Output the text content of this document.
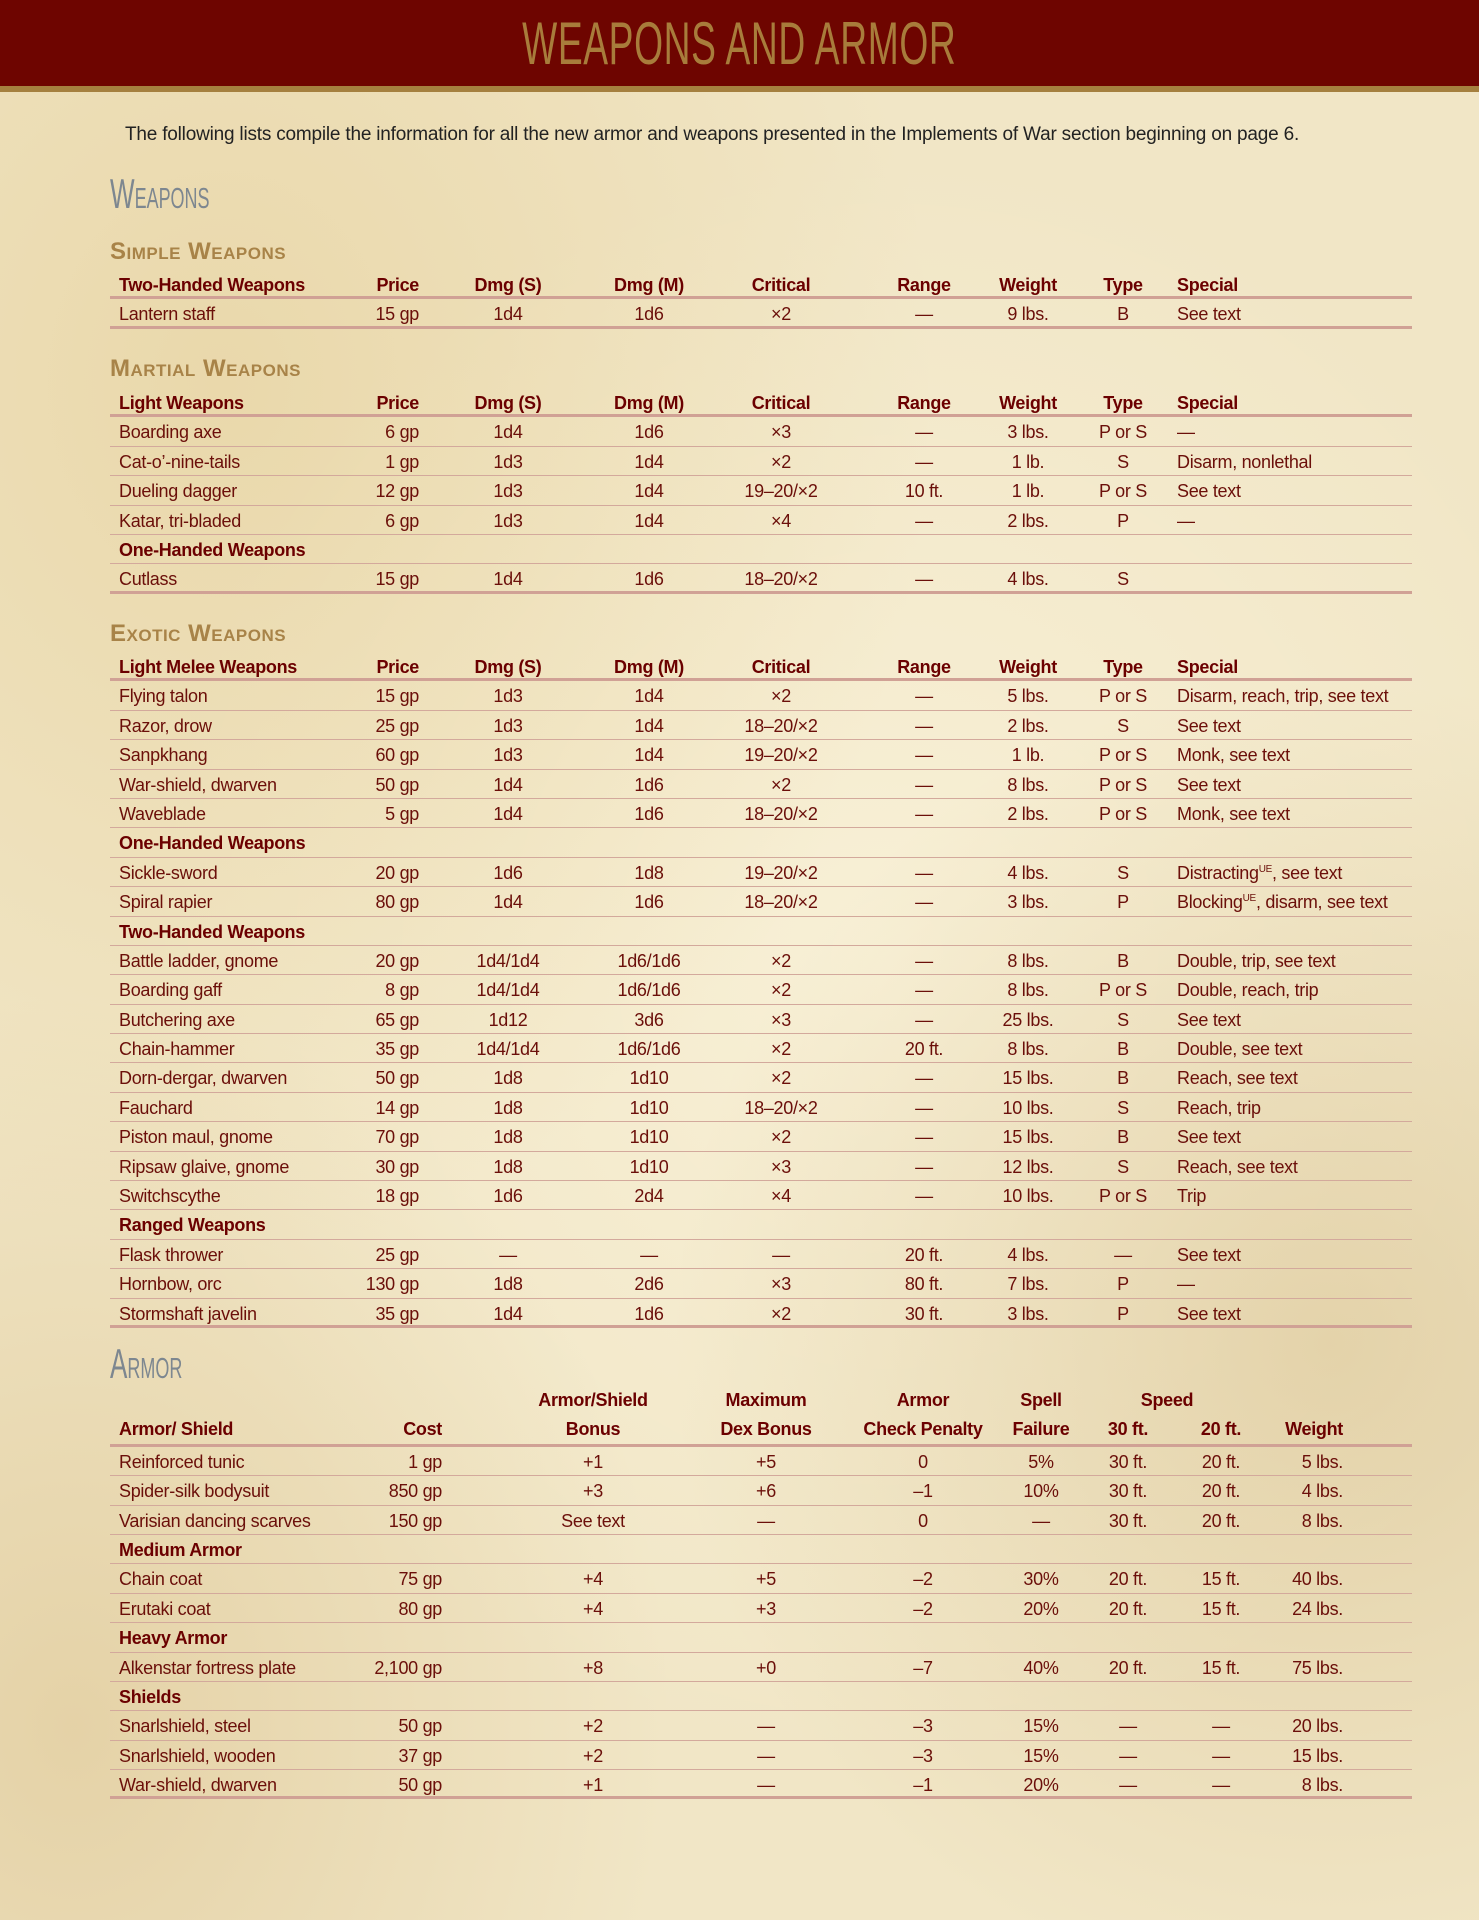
WEAPONS AND ARMOR

The following lists compile the information for all the new armor and weapons presented in the Implements of War section beginning on page 6.

Weapons
Simple Weapons
Two-Handed Weapons	Price	Dmg (S)	Dmg (M)	Critical	Range	Weight	Type	Special
Lantern staff	15 gp	1d4	1d6	×2	—	9 lbs.	B	See text
Martial Weapons
Light Weapons	Price	Dmg (S)	Dmg (M)	Critical	Range	Weight	Type	Special
Boarding axe	6 gp	1d4	1d6	×3	—	3 lbs.	P or S	—
Cat-o’-nine-tails	1 gp	1d3	1d4	×2	—	1 lb.	S	Disarm, nonlethal
Dueling dagger	12 gp	1d3	1d4	19–20/×2	10 ft.	1 lb.	P or S	See text
Katar, tri-bladed	6 gp	1d3	1d4	×4	—	2 lbs.	P	—
One-Handed Weapons
Cutlass	15 gp	1d4	1d6	18–20/×2	—	4 lbs.	S
Exotic Weapons
Light Melee Weapons	Price	Dmg (S)	Dmg (M)	Critical	Range	Weight	Type	Special
Flying talon	15 gp	1d3	1d4	×2	—	5 lbs.	P or S	Disarm, reach, trip, see text
Razor, drow	25 gp	1d3	1d4	18–20/×2	—	2 lbs.	S	See text
Sanpkhang	60 gp	1d3	1d4	19–20/×2	—	1 lb.	P or S	Monk, see text
War-shield, dwarven	50 gp	1d4	1d6	×2	—	8 lbs.	P or S	See text
Waveblade	5 gp	1d4	1d6	18–20/×2	—	2 lbs.	P or S	Monk, see text
One-Handed Weapons
Sickle-sword	20 gp	1d6	1d8	19–20/×2	—	4 lbs.	S	Distracting$^{UE}$, see text
Spiral rapier	80 gp	1d4	1d6	18–20/×2	—	3 lbs.	P	Blocking$^{UE}$, disarm, see text
Two-Handed Weapons
Battle ladder, gnome	20 gp	1d4/1d4	1d6/1d6	×2	—	8 lbs.	B	Double, trip, see text
Boarding gaff	8 gp	1d4/1d4	1d6/1d6	×2	—	8 lbs.	P or S	Double, reach, trip
Butchering axe	65 gp	1d12	3d6	×3	—	25 lbs.	S	See text
Chain-hammer	35 gp	1d4/1d4	1d6/1d6	×2	20 ft.	8 lbs.	B	Double, see text
Dorn-dergar, dwarven	50 gp	1d8	1d10	×2	—	15 lbs.	B	Reach, see text
Fauchard	14 gp	1d8	1d10	18–20/×2	—	10 lbs.	S	Reach, trip
Piston maul, gnome	70 gp	1d8	1d10	×2	—	15 lbs.	B	See text
Ripsaw glaive, gnome	30 gp	1d8	1d10	×3	—	12 lbs.	S	Reach, see text
Switchscythe	18 gp	1d6	2d4	×4	—	10 lbs.	P or S	Trip
Ranged Weapons
Flask thrower	25 gp	—	—	—	20 ft.	4 lbs.	—	See text
Hornbow, orc	130 gp	1d8	2d6	×3	80 ft.	7 lbs.	P	—
Stormshaft javelin	35 gp	1d4	1d6	×2	30 ft.	3 lbs.	P	See text
Armor
Armor/Shield	Maximum	Armor	Spell	Speed
Armor/ Shield	Cost	Bonus	Dex Bonus	Check Penalty	Failure	30 ft.	20 ft.	Weight
Reinforced tunic	1 gp	+1	+5	0	5%	30 ft.	20 ft.	5 lbs.
Spider-silk bodysuit	850 gp	+3	+6	–1	10%	30 ft.	20 ft.	4 lbs.
Varisian dancing scarves	150 gp	See text	—	0	—	30 ft.	20 ft.	8 lbs.
Medium Armor
Chain coat	75 gp	+4	+5	–2	30%	20 ft.	15 ft.	40 lbs.
Erutaki coat	80 gp	+4	+3	–2	20%	20 ft.	15 ft.	24 lbs.
Heavy Armor
Alkenstar fortress plate	2,100 gp	+8	+0	–7	40%	20 ft.	15 ft.	75 lbs.
Shields
Snarlshield, steel	50 gp	+2	—	–3	15%	—	—	20 lbs.
Snarlshield, wooden	37 gp	+2	—	–3	15%	—	—	15 lbs.
War-shield, dwarven	50 gp	+1	—	–1	20%	—	—	8 lbs.
